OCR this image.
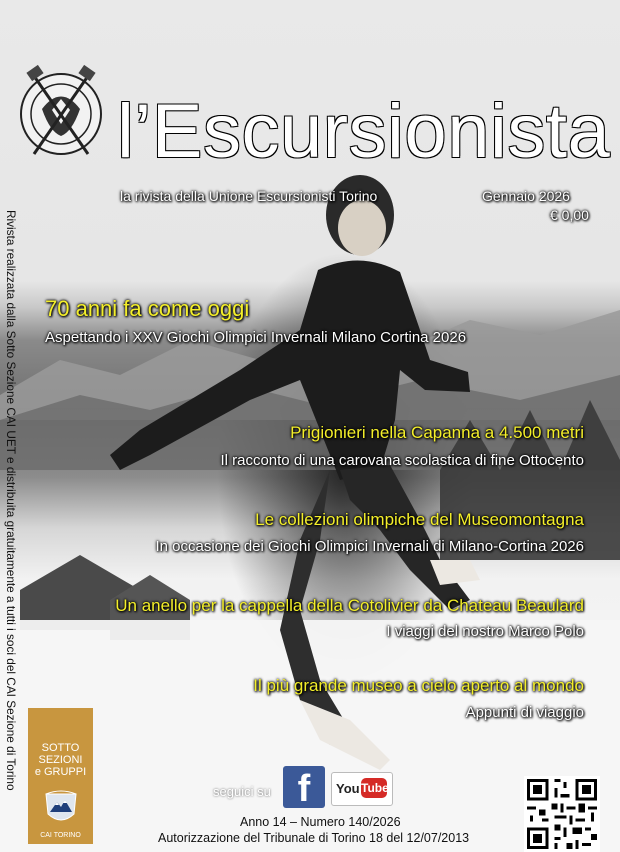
l’Escursionista
la rivista della Unione Escursionisti Torino	Gennaio 2026
€ 0,00
Rivista realizzata dalla Sotto Sezione CAI UET e distribuita gratuitamente a tutti i soci del CAI Sezione di Torino 70 anni fa come oggi
Aspettando i XXV Giochi Olimpici Invernali Milano Cortina 2026
Prigionieri nella Capanna a 4.500 metri
Il racconto di una carovana scolastica di fine Ottocento
Le collezioni olimpiche del Museomontagna
In occasione dei Giochi Olimpici Invernali di Milano-Cortina 2026
Un anello per la cappella della Cotolivier da Chateau Beaulard
I viaggi del nostro Marco Polo
Il più grande museo a cielo aperto al mondo
Appunti di viaggio
SOTTO
SEZIONI
e GRUPPI
CAI TORINO
seguici su f	You Tube
Anno 14 – Numero 140/2026
Autorizzazione del Tribunale di Torino 18 del 12/07/2013
